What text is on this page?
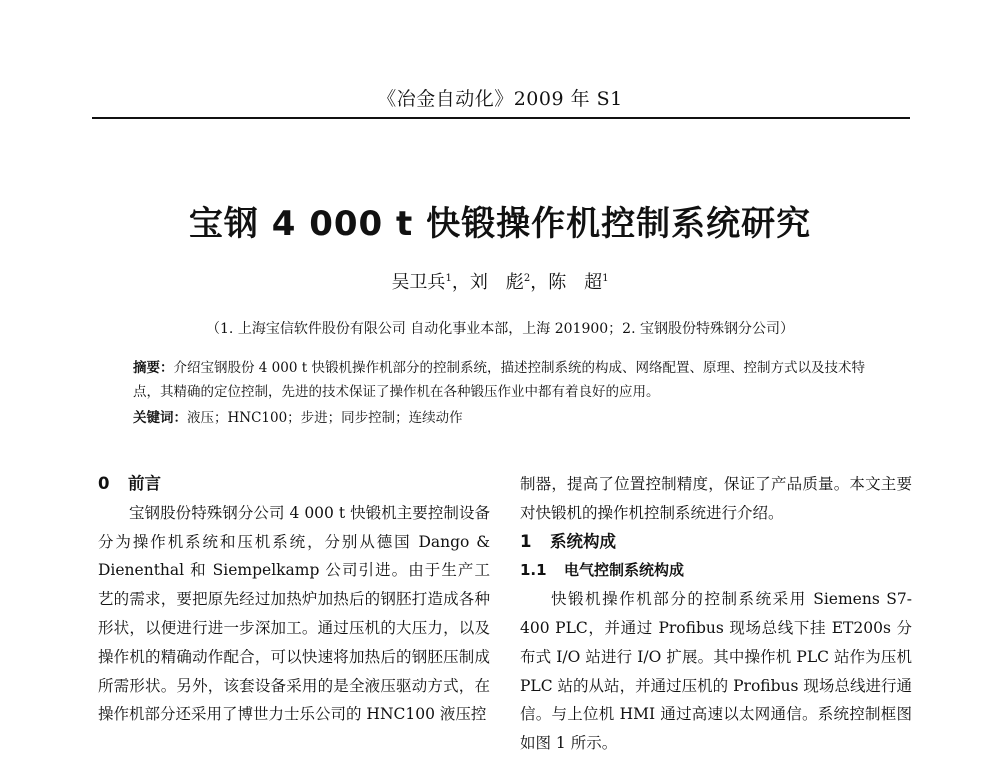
《冶金自动化》2009 年 S1
宝钢 4 000 t 快锻操作机控制系统研究
吴卫兵$^1$，刘　彪$^2$，陈　超$^1$
（1. 上海宝信软件股份有限公司 自动化事业本部，上海 201900；2. 宝钢股份特殊钢分公司）
摘要：介绍宝钢股份 4 000 t 快锻机操作机部分的控制系统，描述控制系统的构成、网络配置、原理、控制方式以及技术特点，其精确的定位控制，先进的技术保证了操作机在各种锻压作业中都有着良好的应用。
关键词：液压；HNC100；步进；同步控制；连续动作
0 前言

宝钢股份特殊钢分公司 4 000 t 快锻机主要控制设备分为操作机系统和压机系统，分别从德国 Dango & Dienenthal 和 Siempelkamp 公司引进。由于生产工艺的需求，要把原先经过加热炉加热后的钢胚打造成各种形状，以便进行进一步深加工。通过压机的大压力，以及操作机的精确动作配合，可以快速将加热后的钢胚压制成所需形状。另外，该套设备采用的是全液压驱动方式，在操作机部分还采用了博世力士乐公司的 HNC100 液压控

制器，提高了位置控制精度，保证了产品质量。本文主要对快锻机的操作机控制系统进行介绍。

1 系统构成
1.1 电气控制系统构成

快锻机操作机部分的控制系统采用 Siemens S7-400 PLC，并通过 Profibus 现场总线下挂 ET200s 分布式 I/O 站进行 I/O 扩展。其中操作机 PLC 站作为压机 PLC 站的从站，并通过压机的 Profibus 现场总线进行通信。与上位机 HMI 通过高速以太网通信。系统控制框图如图 1 所示。
